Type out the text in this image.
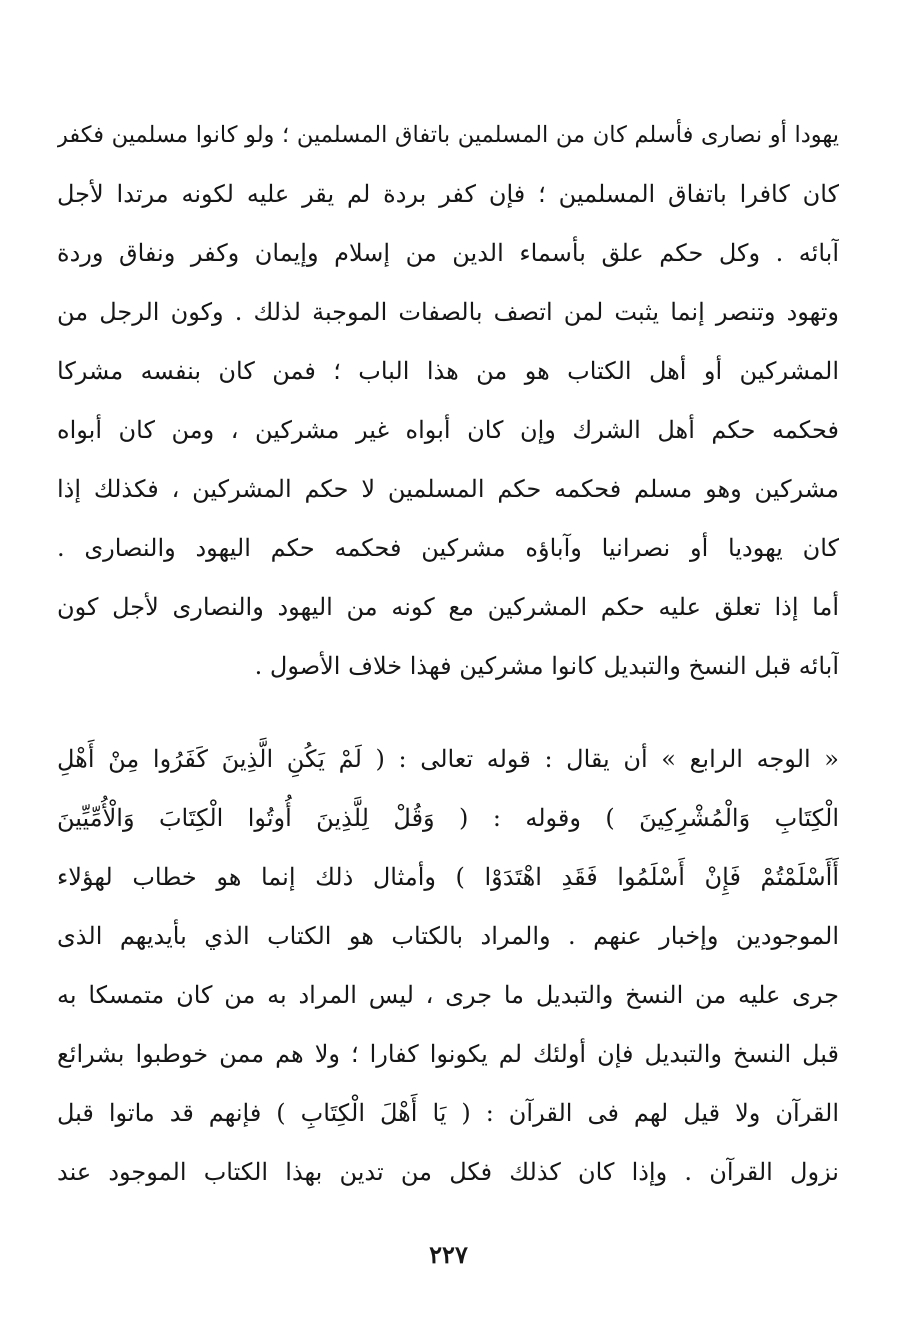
يهودا أو نصارى فأسلم كان من المسلمين باتفاق المسلمين ؛ ولو كانوا مسلمين فكفر
كان كافرا باتفاق المسلمين ؛ فإن كفر بردة لم يقر عليه لكونه مرتدا لأجل
آبائه . وكل حكم علق بأسماء الدين من إسلام وإيمان وكفر ونفاق وردة
وتهود وتنصر إنما يثبت لمن اتصف بالصفات الموجبة لذلك . وكون الرجل من
المشركين أو أهل الكتاب هو من هذا الباب ؛ فمن كان بنفسه مشركا
فحكمه حكم أهل الشرك وإن كان أبواه غير مشركين ، ومن كان أبواه
مشركين وهو مسلم فحكمه حكم المسلمين لا حكم المشركين ، فكذلك إذا
كان يهوديا أو نصرانيا وآباؤه مشركين فحكمه حكم اليهود والنصارى .
أما إذا تعلق عليه حكم المشركين مع كونه من اليهود والنصارى لأجل كون
آبائه قبل النسخ والتبديل كانوا مشركين فهذا خلاف الأصول .
« الوجه الرابع » أن يقال : قوله تعالى : ( لَمْ يَكُنِ الَّذِينَ كَفَرُوا مِنْ أَهْلِ
الْكِتَابِ وَالْمُشْرِكِينَ ) وقوله : ( وَقُلْ لِلَّذِينَ أُوتُوا الْكِتَابَ وَالْأُمِّيِّينَ
أَأَسْلَمْتُمْ فَإِنْ أَسْلَمُوا فَقَدِ اهْتَدَوْا ) وأمثال ذلك إنما هو خطاب لهؤلاء
الموجودين وإخبار عنهم . والمراد بالكتاب هو الكتاب الذي بأيديهم الذى
جرى عليه من النسخ والتبديل ما جرى ، ليس المراد به من كان متمسكا به
قبل النسخ والتبديل فإن أولئك لم يكونوا كفارا ؛ ولا هم ممن خوطبوا بشرائع
القرآن ولا قيل لهم فى القرآن : ( يَا أَهْلَ الْكِتَابِ ) فإنهم قد ماتوا قبل
نزول القرآن . وإذا كان كذلك فكل من تدين بهذا الكتاب الموجود عند
٢٢٧
